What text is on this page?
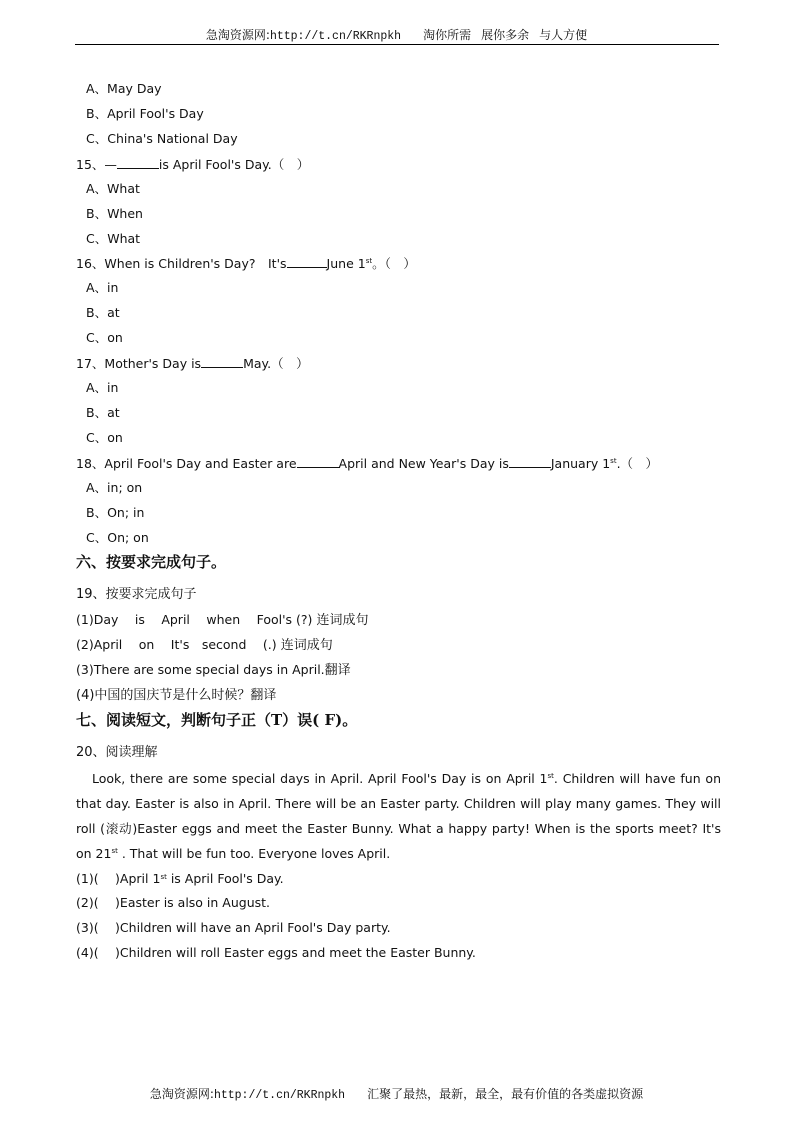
急淘资源网:http://t.cn/RKRnpkh 淘你所需 展你多余 与人方便
A、May Day
B、April Fool's Day
C、China's National Day
15、—	is April Fool's Day.（　）
A、What
B、When
C、What
16、When is Children's Day?　It's	June 1st。（　）
A、in
B、at
C、on
17、Mother's Day is	May.（　）
A、in
B、at
C、on
18、April Fool's Day and Easter are	April and New Year's Day is	January 1st.（　）
A、in; on
B、On; in
C、On; on
六、按要求完成句子。
19、按要求完成句子
(1)Day　 is　 April　 when　 Fool's (?) 连词成句
(2)April　 on　 It's　second　 (.) 连词成句
(3)There are some special days in April.翻译
(4)中国的国庆节是什么时候？翻译
七、阅读短文，判断句子正（T）误( F)。
20、阅读理解

Look, there are some special days in April. April Fool's Day is on April 1st. Children will have fun on that day. Easter is also in April. There will be an Easter party. Children will play many games. They will roll (滚动)Easter eggs and meet the Easter Bunny. What a happy party! When is the sports meet? It's on 21st . That will be fun too. Everyone loves April.

(1)(　 )April 1st is April Fool's Day.
(2)(　 )Easter is also in August.
(3)(　 )Children will have an April Fool's Day party.
(4)(　 )Children will roll Easter eggs and meet the Easter Bunny.
急淘资源网:http://t.cn/RKRnpkh 汇聚了最热，最新，最全，最有价值的各类虚拟资源
